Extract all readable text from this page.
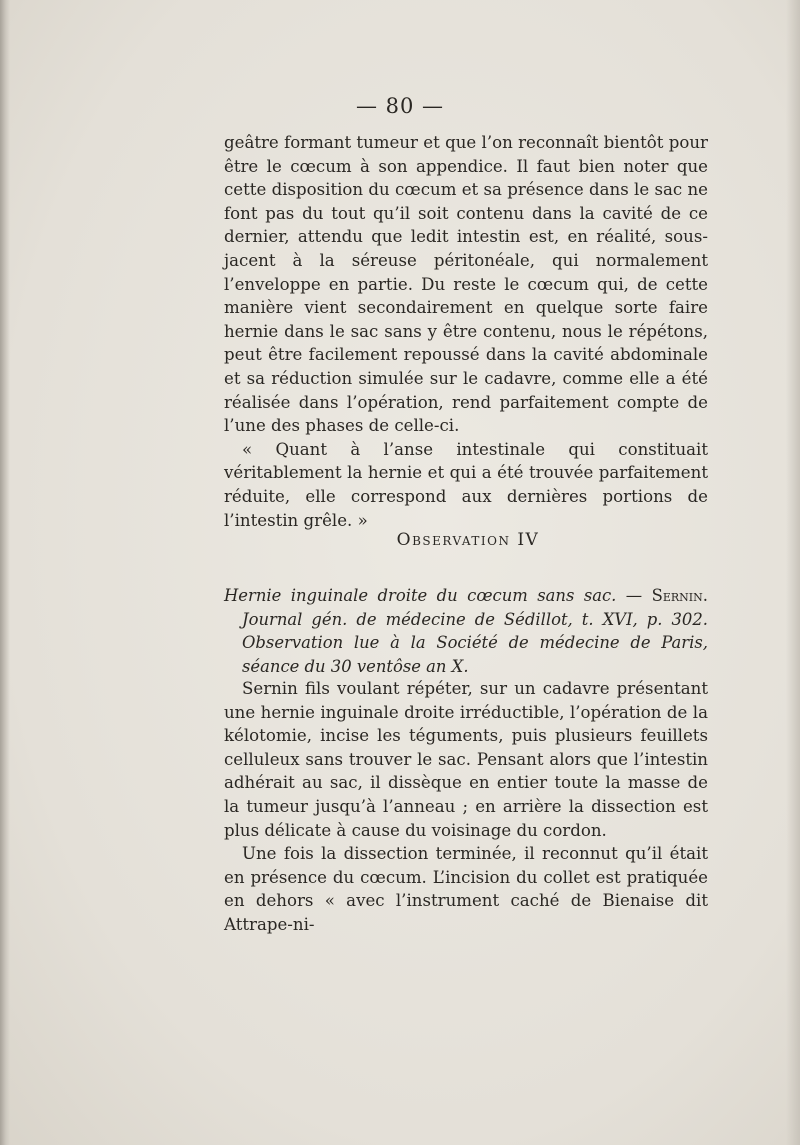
— 80 —

geâtre formant tumeur et que l’on reconnaît bientôt pour être le cœcum à son appendice. Il faut bien noter que cette disposition du cœcum et sa présence dans le sac ne font pas du tout qu’il soit contenu dans la cavité de ce dernier, attendu que ledit intestin est, en réalité, sous-jacent à la séreuse péritonéale, qui normalement l’enveloppe en partie. Du reste le cœcum qui, de cette manière vient secondairement en quelque sorte faire hernie dans le sac sans y être contenu, nous le répétons, peut être facilement repoussé dans la cavité abdominale et sa réduction simulée sur le cadavre, comme elle a été réalisée dans l’opération, rend parfaitement compte de l’une des phases de celle-ci.

« Quant à l’anse intestinale qui constituait véritablement la hernie et qui a été trouvée parfaitement réduite, elle correspond aux dernières portions de l’intestin grêle. »

Observation IV
Hernie inguinale droite du cœcum sans sac. — Sernin. Journal gén. de médecine de Sédillot, t. XVI, p. 302. Observation lue à la Société de médecine de Paris, séance du 30 ventôse an X.

Sernin fils voulant répéter, sur un cadavre présentant une hernie inguinale droite irréductible, l’opération de la kélotomie, incise les téguments, puis plusieurs feuillets celluleux sans trouver le sac. Pensant alors que l’intestin adhérait au sac, il dissèque en entier toute la masse de la tumeur jusqu’à l’anneau ; en arrière la dissection est plus délicate à cause du voisinage du cordon.

Une fois la dissection terminée, il reconnut qu’il était en présence du cœcum. L’incision du collet est pratiquée en dehors « avec l’instrument caché de Bienaise dit Attrape-ni-
